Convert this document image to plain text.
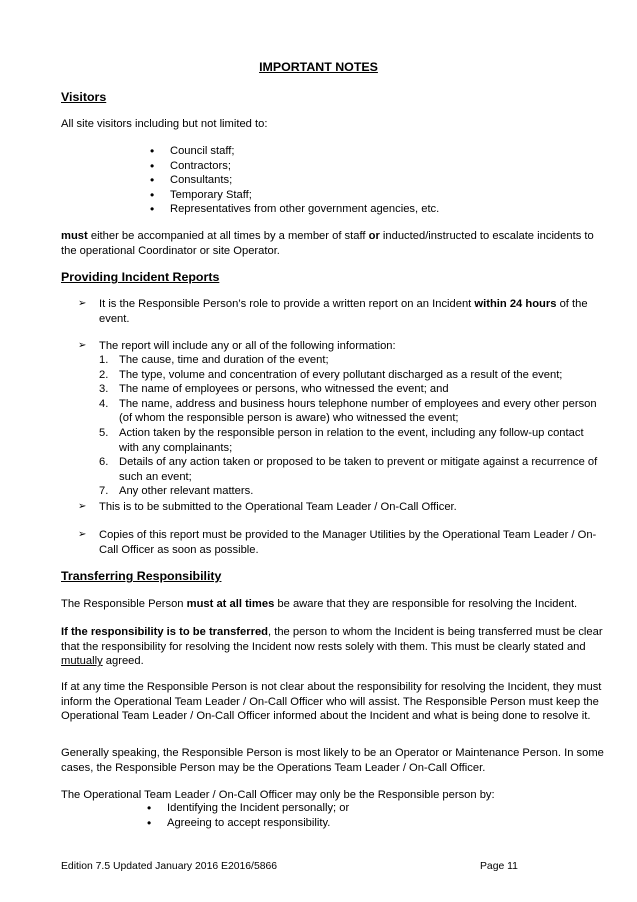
IMPORTANT NOTES

Visitors

All site visitors including but not limited to:

• Council staff;
• Contractors;
• Consultants;
• Temporary Staff;
• Representatives from other government agencies, etc.

must either be accompanied at all times by a member of staff or inducted/instructed to escalate incidents to the operational Coordinator or site Operator.

Providing Incident Reports

➢	It is the Responsible Person’s role to provide a written report on an Incident within 24 hours of the event.
➢	The report will include any or all of the following information:
1. The cause, time and duration of the event;
2. The type, volume and concentration of every pollutant discharged as a result of the event;
3. The name of employees or persons, who witnessed the event; and
4. The name, address and business hours telephone number of employees and every other person (of whom the responsible person is aware) who witnessed the event;
5. Action taken by the responsible person in relation to the event, including any follow-up contact with any complainants;
6. Details of any action taken or proposed to be taken to prevent or mitigate against a recurrence of such an event;
7. Any other relevant matters.
➢	This is to be submitted to the Operational Team Leader / On-Call Officer.
➢	Copies of this report must be provided to the Manager Utilities by the Operational Team Leader / On-Call Officer as soon as possible.

Transferring Responsibility

The Responsible Person must at all times be aware that they are responsible for resolving the Incident.

If the responsibility is to be transferred, the person to whom the Incident is being transferred must be clear that the responsibility for resolving the Incident now rests solely with them. This must be clearly stated and mutually agreed.

If at any time the Responsible Person is not clear about the responsibility for resolving the Incident, they must inform the Operational Team Leader / On-Call Officer who will assist. The Responsible Person must keep the Operational Team Leader / On-Call Officer informed about the Incident and what is being done to resolve it.

Generally speaking, the Responsible Person is most likely to be an Operator or Maintenance Person. In some cases, the Responsible Person may be the Operations Team Leader / On-Call Officer.

The Operational Team Leader / On-Call Officer may only be the Responsible person by:

• Identifying the Incident personally; or
• Agreeing to accept responsibility.

Edition 7.5 Updated January 2016 E2016/5866	Page 11
